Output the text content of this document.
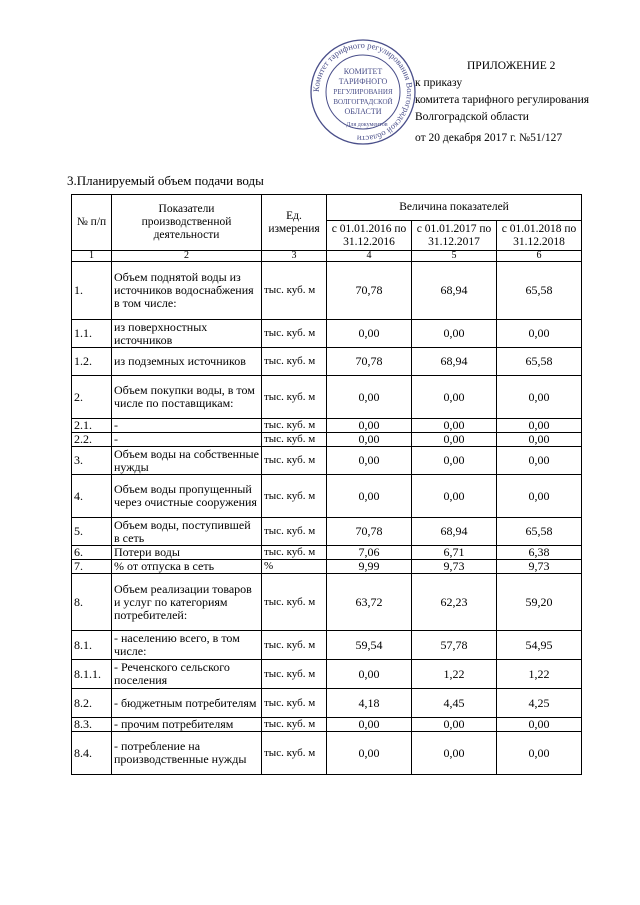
Комитет тарифного регулирования Волгоградской области
КОМИТЕТ
ТАРИФНОГО
РЕГУЛИРОВАНИЯ
ВОЛГОГРАДСКОЙ
ОБЛАСТИ
Для документов
ПРИЛОЖЕНИЕ 2
к приказу
комитета тарифного регулирования
Волгоградской области
от 20 декабря 2017 г. №51/127
3.Планируемый объем подачи воды
№ п/п	Показатели производственной деятельности	Ед. измерения	Величина показателей		
			с 01.01.2016 по 31.12.2016	с 01.01.2017 по 31.12.2017	с 01.01.2018 по 31.12.2018
1	2	3	4	5	6
1.	Объем поднятой воды из источников водоснабжения в том числе:	тыс. куб. м	70,78	68,94	65,58
1.1.	из поверхностных источников	тыс. куб. м	0,00	0,00	0,00
1.2.	из подземных источников	тыс. куб. м	70,78	68,94	65,58
2.	Объем покупки воды, в том числе по поставщикам:	тыс. куб. м	0,00	0,00	0,00
2.1.	-	тыс. куб. м	0,00	0,00	0,00
2.2.	-	тыс. куб. м	0,00	0,00	0,00
3.	Объем воды на собственные нужды	тыс. куб. м	0,00	0,00	0,00
4.	Объем воды пропущенный через очистные сооружения	тыс. куб. м	0,00	0,00	0,00
5.	Объем воды, поступившей в сеть	тыс. куб. м	70,78	68,94	65,58
6.	Потери воды	тыс. куб. м	7,06	6,71	6,38
7.	% от отпуска в сеть	%	9,99	9,73	9,73
8.	Объем реализации товаров и услуг по категориям потребителей:	тыс. куб. м	63,72	62,23	59,20
8.1.	- населению всего, в том числе:	тыс. куб. м	59,54	57,78	54,95
8.1.1.	- Реченского сельского поселения	тыс. куб. м	0,00	1,22	1,22
8.2.	- бюджетным потребителям	тыс. куб. м	4,18	4,45	4,25
8.3.	- прочим потребителям	тыс. куб. м	0,00	0,00	0,00
8.4.	- потребление на производственные нужды	тыс. куб. м	0,00	0,00	0,00
